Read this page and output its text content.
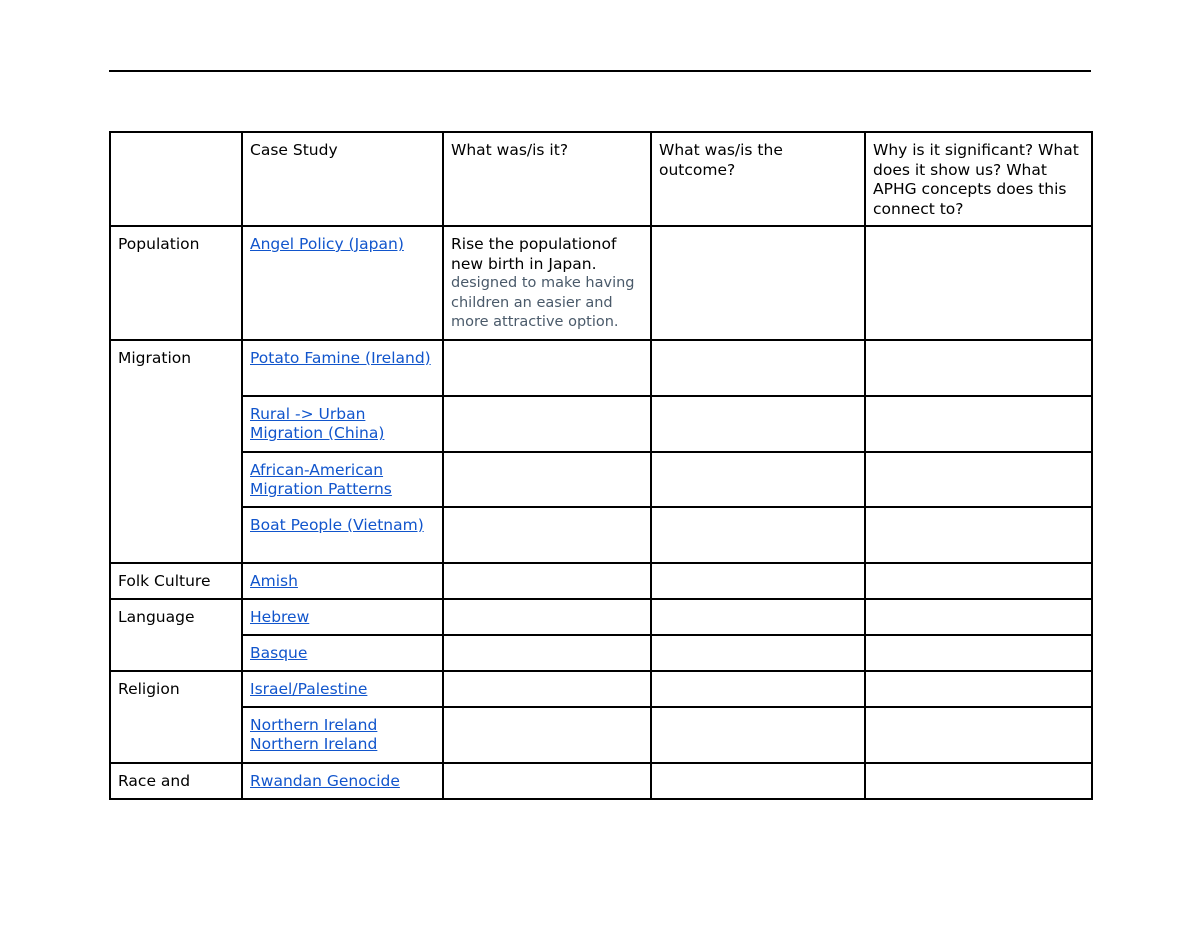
	Case Study	What was/is it?	What was/is the outcome?	Why is it significant? What does it show us? What APHG concepts does this connect to?
Population	Angel Policy (Japan)	Rise the populationof new birth in Japan.
designed to make having children an easier and more attractive option.		

Migration	Potato Famine (Ireland)			
	Rural -> Urban Migration (China)			
	African-American Migration Patterns			
	Boat People (Vietnam)			
Folk Culture	Amish			
Language	Hebrew			
	Basque			
Religion	Israel/Palestine			
	Northern Ireland Northern Ireland			
Race and	Rwandan Genocide			
